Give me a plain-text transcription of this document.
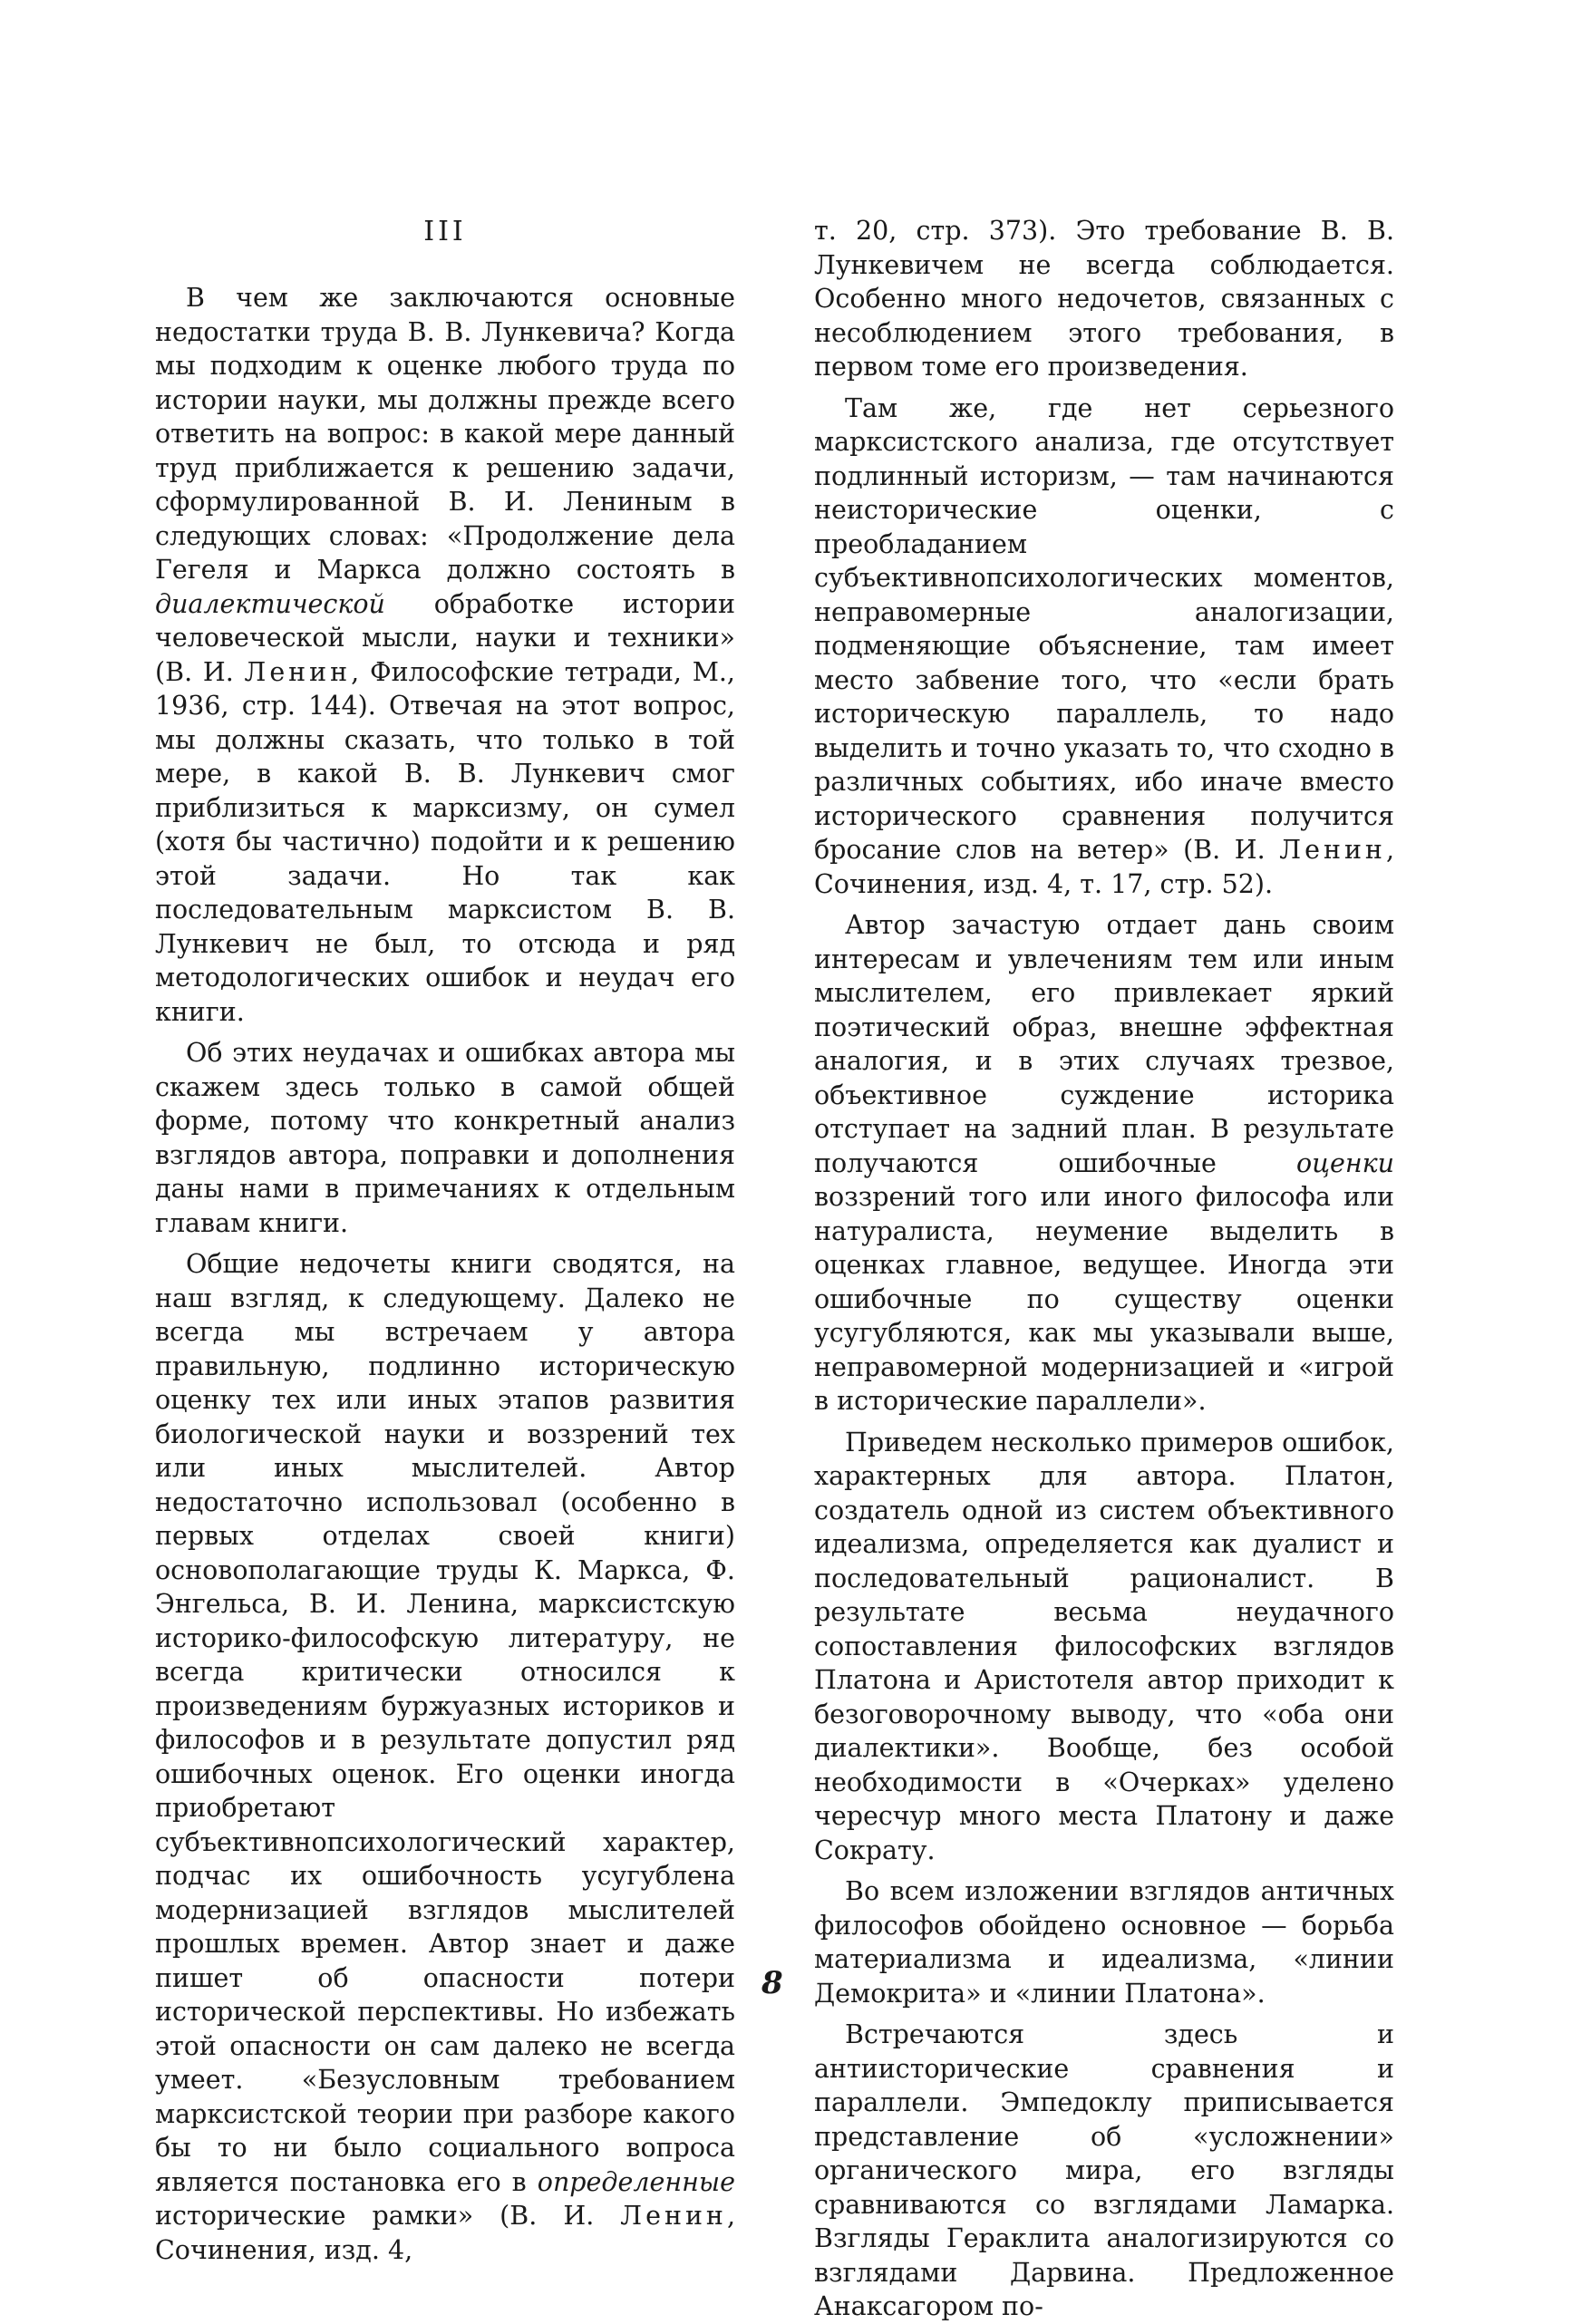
III

В чем же заключаются основные недостатки труда В. В. Лункевича? Когда мы подходим к оценке любого труда по истории науки, мы должны прежде всего ответить на вопрос: в какой мере данный труд приближается к решению задачи, сформулированной В. И. Лениным в следующих словах: «Продолжение дела Гегеля и Маркса должно состоять в диалектической обработке истории человеческой мысли, науки и техники» (В. И. Ленин, Философские тетради, М., 1936, стр. 144). Отвечая на этот вопрос, мы должны сказать, что только в той мере, в какой В. В. Лункевич смог приблизиться к марксизму, он сумел (хотя бы частично) подойти и к решению этой задачи. Но так как последовательным марксистом В. В. Лункевич не был, то отсюда и ряд методологических ошибок и неудач его книги.

Об этих неудачах и ошибках автора мы скажем здесь только в самой общей форме, потому что конкретный анализ взглядов автора, поправки и дополнения даны нами в примечаниях к отдельным главам книги.

Общие недочеты книги сводятся, на наш взгляд, к следующему. Далеко не всегда мы встречаем у автора правильную, подлинно историческую оценку тех или иных этапов развития биологической науки и воззрений тех или иных мыслителей. Автор недостаточно использовал (особенно в первых отделах своей книги) основополагающие труды К. Маркса, Ф. Энгельса, В. И. Ленина, марксистскую историко-философскую литературу, не всегда критически относился к произведениям буржуазных историков и философов и в результате допустил ряд ошибочных оценок. Его оценки иногда приобретают субъективнопсихологический характер, подчас их ошибочность усугублена модернизацией взглядов мыслителей прошлых времен. Автор знает и даже пишет об опасности потери исторической перспективы. Но избежать этой опасности он сам далеко не всегда умеет. «Безусловным требованием марксистской теории при разборе какого бы то ни было социального вопроса является постановка его в определенные исторические рамки» (В. И. Ленин, Сочинения, изд. 4,

т. 20, стр. 373). Это требование В. В. Лункевичем не всегда соблюдается. Особенно много недочетов, связанных с несоблюдением этого требования, в первом томе его произведения.

Там же, где нет серьезного марксистского анализа, где отсутствует подлинный историзм, — там начинаются неисторические оценки, с преобладанием субъективнопсихологических моментов, неправомерные аналогизации, подменяющие объяснение, там имеет место забвение того, что «если брать историческую параллель, то надо выделить и точно указать то, что сходно в различных событиях, ибо иначе вместо исторического сравнения получится бросание слов на ветер» (В. И. Ленин, Сочинения, изд. 4, т. 17, стр. 52).

Автор зачастую отдает дань своим интересам и увлечениям тем или иным мыслителем, его привлекает яркий поэтический образ, внешне эффектная аналогия, и в этих случаях трезвое, объективное суждение историка отступает на задний план. В результате получаются ошибочные оценки воззрений того или иного философа или натуралиста, неумение выделить в оценках главное, ведущее. Иногда эти ошибочные по существу оценки усугубляются, как мы указывали выше, неправомерной модернизацией и «игрой в исторические параллели».

Приведем несколько примеров ошибок, характерных для автора. Платон, создатель одной из систем объективного идеализма, определяется как дуалист и последовательный рационалист. В результате весьма неудачного сопоставления философских взглядов Платона и Аристотеля автор приходит к безоговорочному выводу, что «оба они диалектики». Вообще, без особой необходимости в «Очерках» уделено чересчур много места Платону и даже Сократу.

Во всем изложении взглядов античных философов обойдено основное — борьба материализма и идеализма, «линии Демокрита» и «линии Платона».

Встречаются здесь и антиисторические сравнения и параллели. Эмпедоклу приписывается представление об «усложнении» органического мира, его взгляды сравниваются со взглядами Ламарка. Взгляды Гераклита аналогизируются со взглядами Дарвина. Предложенное Анаксагором по-

8
